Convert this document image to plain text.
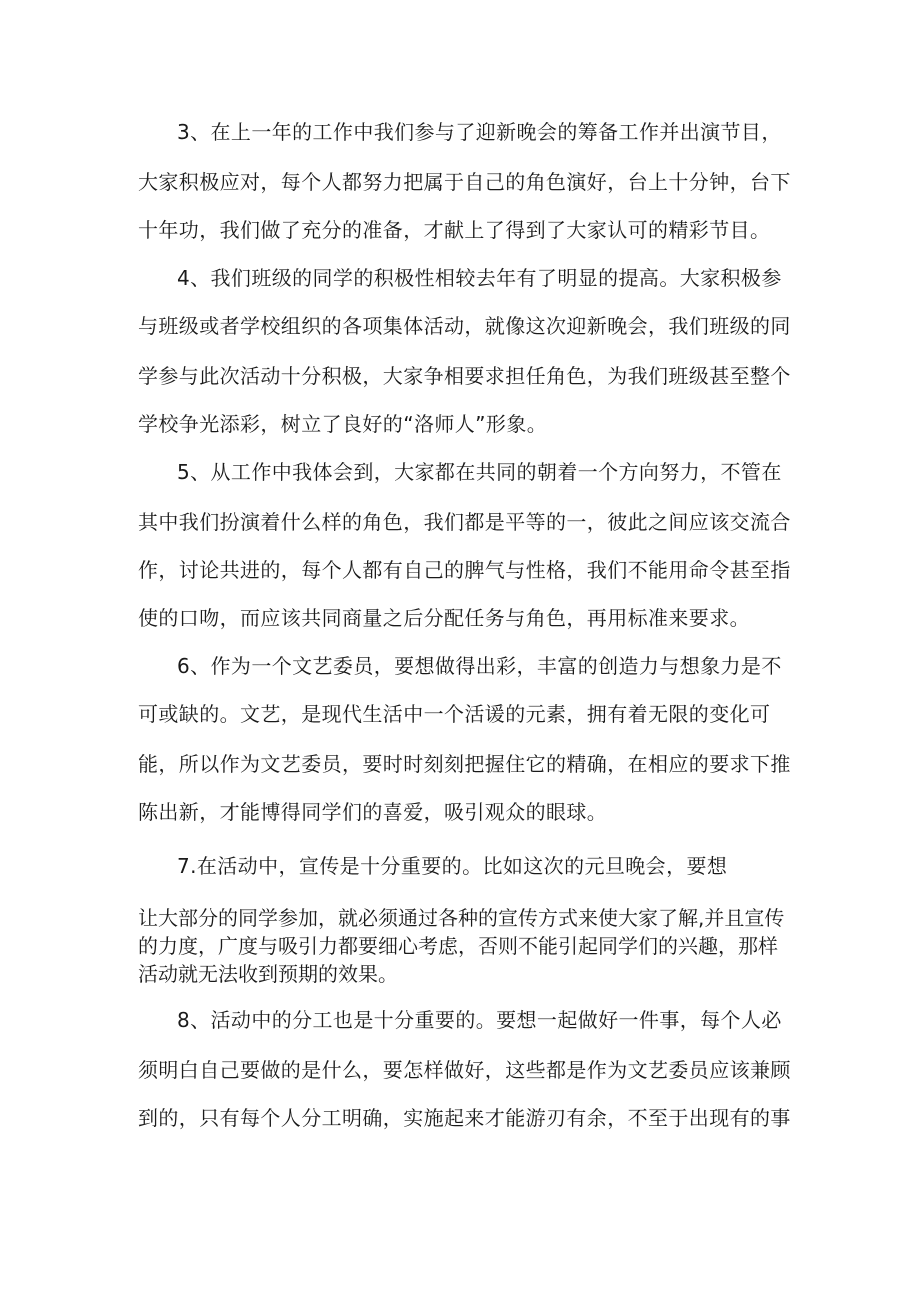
3、在上一年的工作中我们参与了迎新晚会的筹备工作并出演节目，
大家积极应对，每个人都努力把属于自己的角色演好，台上十分钟，台下
十年功，我们做了充分的准备，才献上了得到了大家认可的精彩节目。
4、我们班级的同学的积极性相较去年有了明显的提高。大家积极参
与班级或者学校组织的各项集体活动，就像这次迎新晚会，我们班级的同
学参与此次活动十分积极，大家争相要求担任角色，为我们班级甚至整个
学校争光添彩，树立了良好的“洛师人”形象。
5、从工作中我体会到，大家都在共同的朝着一个方向努力，不管在
其中我们扮演着什么样的角色，我们都是平等的一，彼此之间应该交流合
作，讨论共进的，每个人都有自己的脾气与性格，我们不能用命令甚至指
使的口吻，而应该共同商量之后分配任务与角色，再用标准来要求。
6、作为一个文艺委员，要想做得出彩，丰富的创造力与想象力是不
可或缺的。文艺，是现代生活中一个活谖的元素，拥有着无限的变化可
能，所以作为文艺委员，要时时刻刻把握住它的精确，在相应的要求下推
陈出新，才能博得同学们的喜爱，吸引观众的眼球。
7.在活动中，宣传是十分重要的。比如这次的元旦晚会，要想
让大部分的同学参加，就必须通过各种的宣传方式来使大家了解,并且宣传
的力度，广度与吸引力都要细心考虑，否则不能引起同学们的兴趣，那样
活动就无法收到预期的效果。
8、活动中的分工也是十分重要的。要想一起做好一件事，每个人必
须明白自己要做的是什么，要怎样做好，这些都是作为文艺委员应该兼顾
到的，只有每个人分工明确，实施起来才能游刃有余，不至于出现有的事
